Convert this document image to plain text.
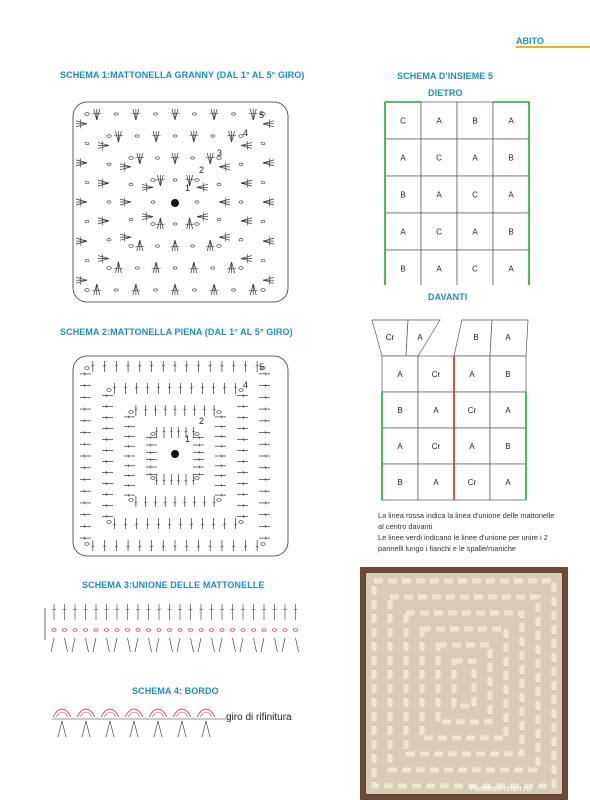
ABITO
SCHEMA 1:MATTONELLA GRANNY (DAL 1° AL 5° GIRO)
SCHEMA 2:MATTONELLA PIENA (DAL 1° AL 5° GIRO)
SCHEMA 3:UNIONE DELLE MATTONELLE
SCHEMA 4: BORDO
SCHEMA D'INSIEME 5
DIETRO
DAVANTI
4
5
3
2
1
4
5
2
1
giro di rifinitura
C	A	B	A
A	C	A	B
B	A	C	A
A	C	A	B
B	A	C	A
Cr	A	B	A
A	Cr	A	B
B	A	Cr	A
A	Cr	A	B
B	A	Cr	A
La linea rossa indica la linea d'unione delle mattonelle
al centro davanti
Le linee verdi indicano le linee d'unione per unire i 2
pannelli lungo i fianchi e le spalle/maniche
PassionForum.ru
